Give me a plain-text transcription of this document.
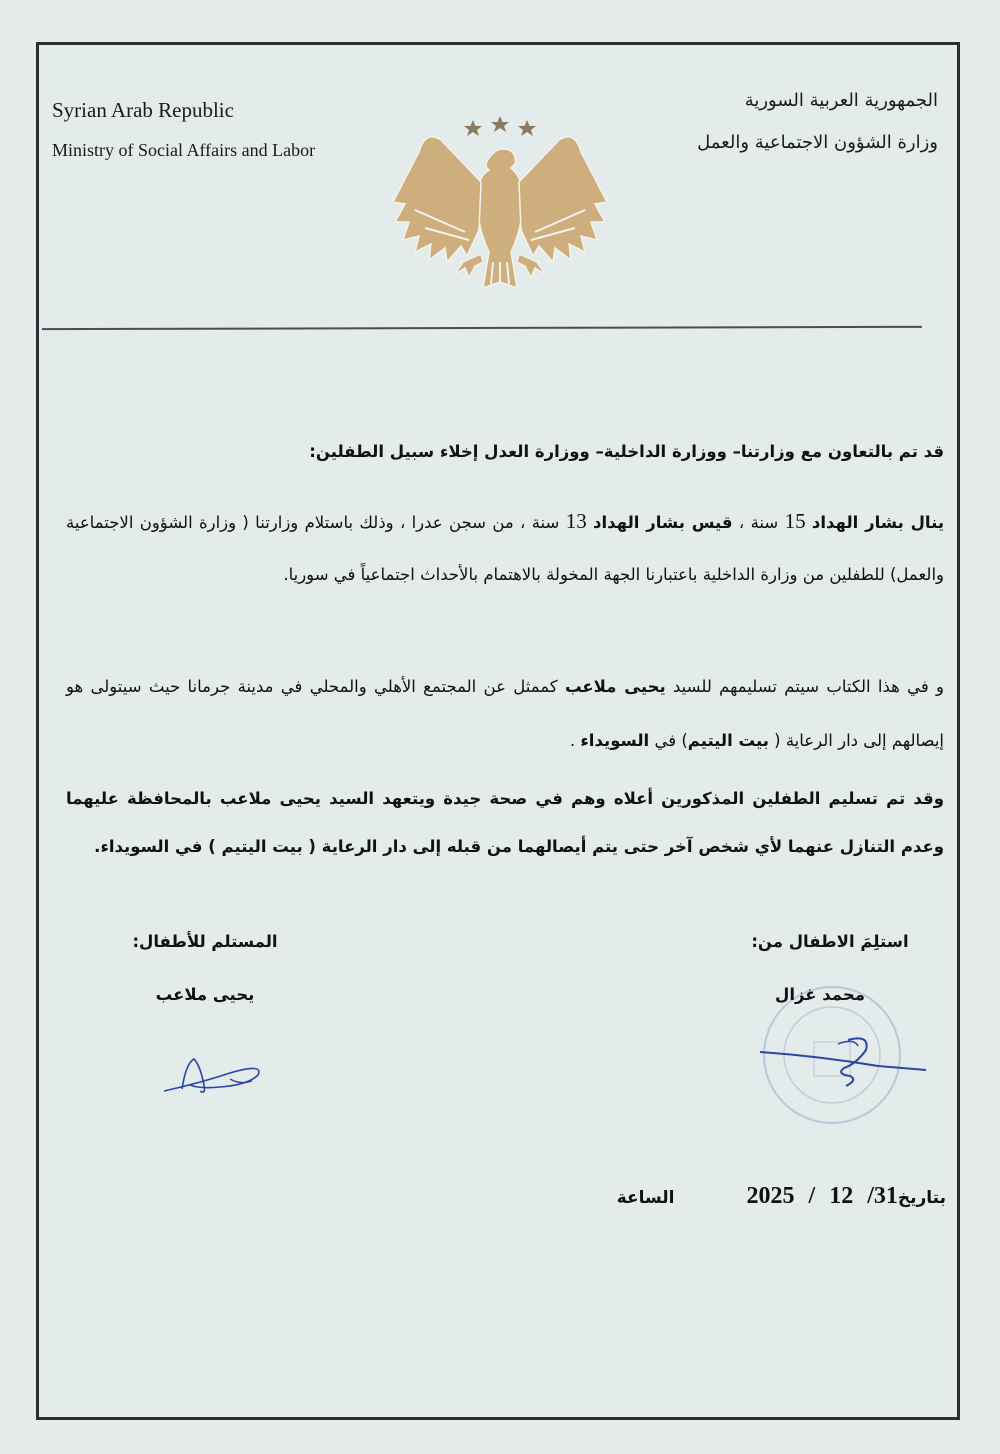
Syrian Arab Republic
Ministry of Social Affairs and Labor
الجمهورية العربية السورية
وزارة الشؤون الاجتماعية والعمل
قد تم بالتعاون مع وزارتنا– ووزارة الداخلية– ووزارة العدل إخلاء سبيل الطفلين:
ينال بشار الهداد 15 سنة ، قيس بشار الهداد 13 سنة ، من سجن عدرا ، وذلك باستلام وزارتنا ( وزارة الشؤون الاجتماعية والعمل) للطفلين من وزارة الداخلية باعتبارنا الجهة المخولة بالاهتمام بالأحداث اجتماعياً في سوريا.
و في هذا الكتاب سيتم تسليمهم للسيد يحيى ملاعب كممثل عن المجتمع الأهلي والمحلي في مدينة جرمانا حيث سيتولى هو إيصالهم إلى دار الرعاية ( بيت اليتيم) في السويداء .
وقد تم تسليم الطفلين المذكورين أعلاه وهم في صحة جيدة ويتعهد السيد يحيى ملاعب بالمحافظة عليهما وعدم التنازل عنهما لأي شخص آخر حتى يتم أيصالهما من قبله إلى دار الرعاية ( بيت اليتيم ) في السويداء.
استلِمَ الاطفال من:
محمد غزال
المستلم للأطفال:
يحيى ملاعب
بتاريخ
31
/
12
/
2025
الساعة
